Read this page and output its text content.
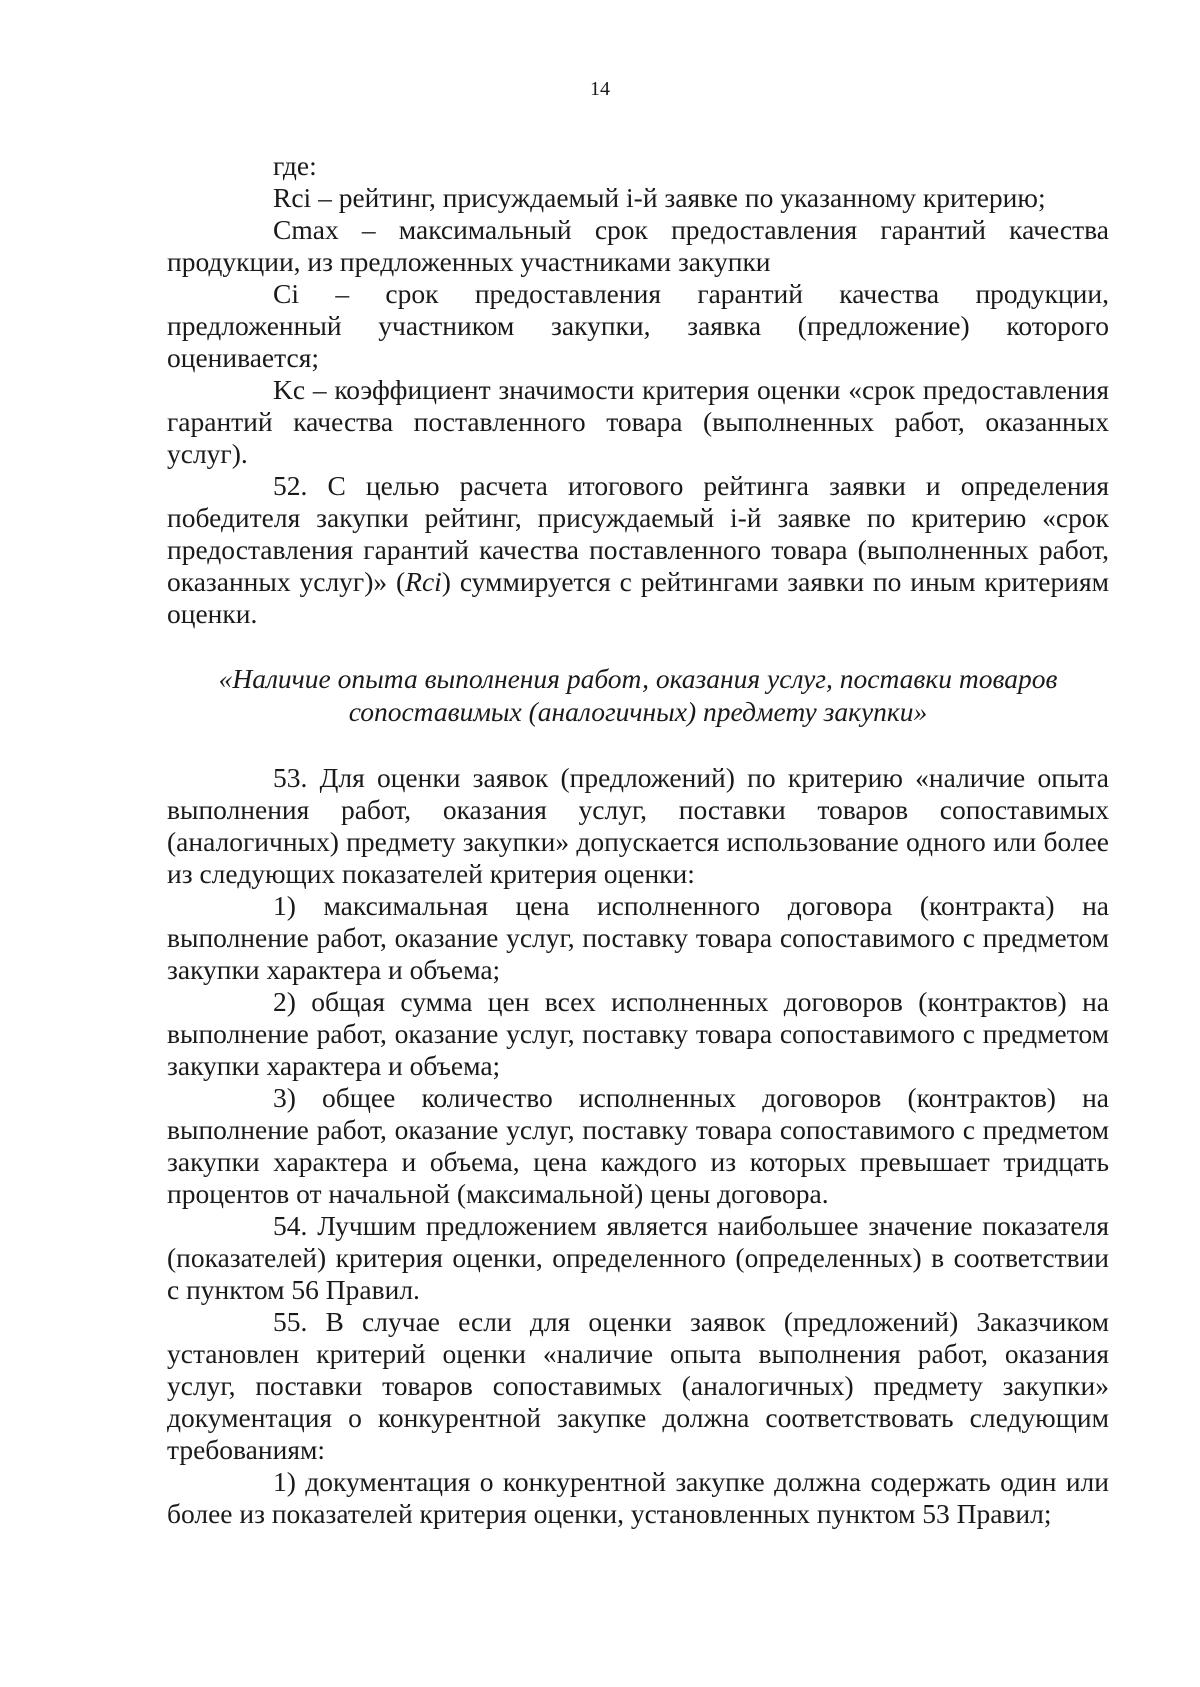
14

где:

Rci – рейтинг, присуждаемый i-й заявке по указанному критерию;

Cmax – максимальный срок предоставления гарантий качества продукции, из предложенных участниками закупки

Ci – срок предоставления гарантий качества продукции, предложенный участником закупки, заявка (предложение) которого оценивается;

Kc – коэффициент значимости критерия оценки «срок предоставления гарантий качества поставленного товара (выполненных работ, оказанных услуг).

52. С целью расчета итогового рейтинга заявки и определения победителя закупки рейтинг, присуждаемый i-й заявке по критерию «срок предоставления гарантий качества поставленного товара (выполненных работ, оказанных услуг)» (Rci) суммируется с рейтингами заявки по иным критериям оценки.

«Наличие опыта выполнения работ, оказания услуг, поставки товаров
сопоставимых (аналогичных) предмету закупки»

53. Для оценки заявок (предложений) по критерию «наличие опыта выполнения работ, оказания услуг, поставки товаров сопоставимых (аналогичных) предмету закупки» допускается использование одного или более из следующих показателей критерия оценки:

1) максимальная цена исполненного договора (контракта) на выполнение работ, оказание услуг, поставку товара сопоставимого с предметом закупки характера и объема;

2) общая сумма цен всех исполненных договоров (контрактов) на выполнение работ, оказание услуг, поставку товара сопоставимого с предметом закупки характера и объема;

3) общее количество исполненных договоров (контрактов) на выполнение работ, оказание услуг, поставку товара сопоставимого с предметом закупки характера и объема, цена каждого из которых превышает тридцать процентов от начальной (максимальной) цены договора.

54. Лучшим предложением является наибольшее значение показателя (показателей) критерия оценки, определенного (определенных) в соответствии с пунктом 56 Правил.

55. В случае если для оценки заявок (предложений) Заказчиком установлен критерий оценки «наличие опыта выполнения работ, оказания услуг, поставки товаров сопоставимых (аналогичных) предмету закупки» документация о конкурентной закупке должна соответствовать следующим требованиям:

1) документация о конкурентной закупке должна содержать один или более из показателей критерия оценки, установленных пунктом 53 Правил;
